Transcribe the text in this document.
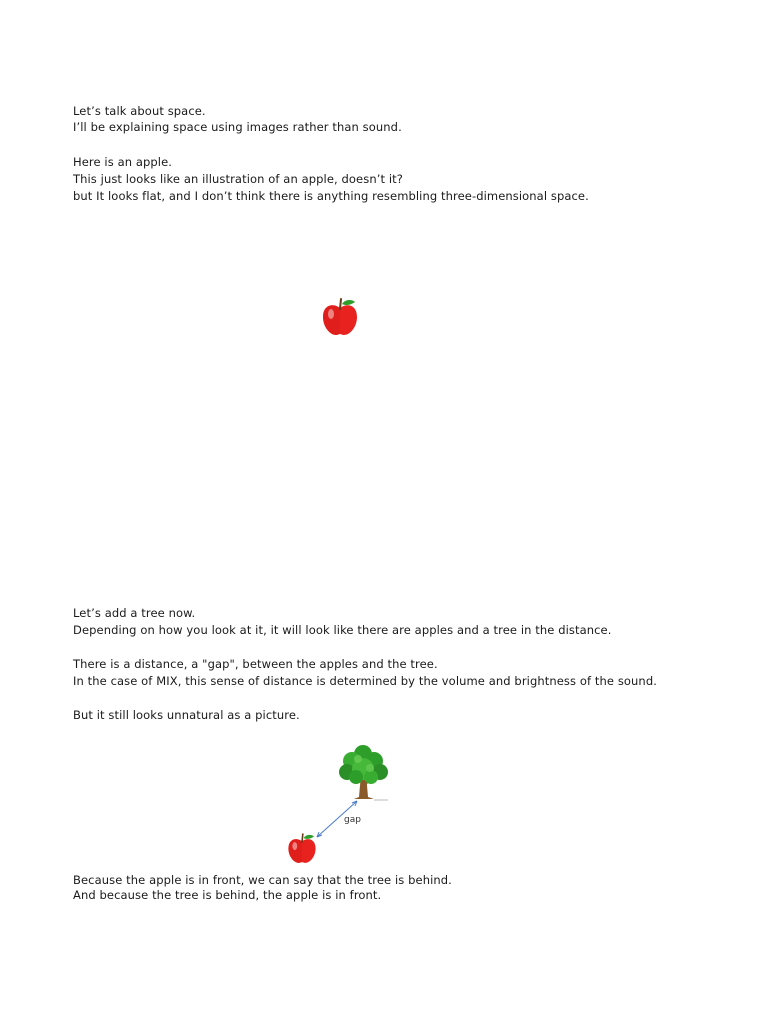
Let’s talk about space.
I’ll be explaining space using images rather than sound.
Here is an apple.
This just looks like an illustration of an apple, doesn’t it?
but It looks flat, and I don’t think there is anything resembling three-dimensional space.
Let’s add a tree now.
Depending on how you look at it, it will look like there are apples and a tree in the distance.
There is a distance, a "gap", between the apples and the tree.
In the case of MIX, this sense of distance is determined by the volume and brightness of the sound.
But it still looks unnatural as a picture.
gap
Because the apple is in front, we can say that the tree is behind.
And because the tree is behind, the apple is in front.
